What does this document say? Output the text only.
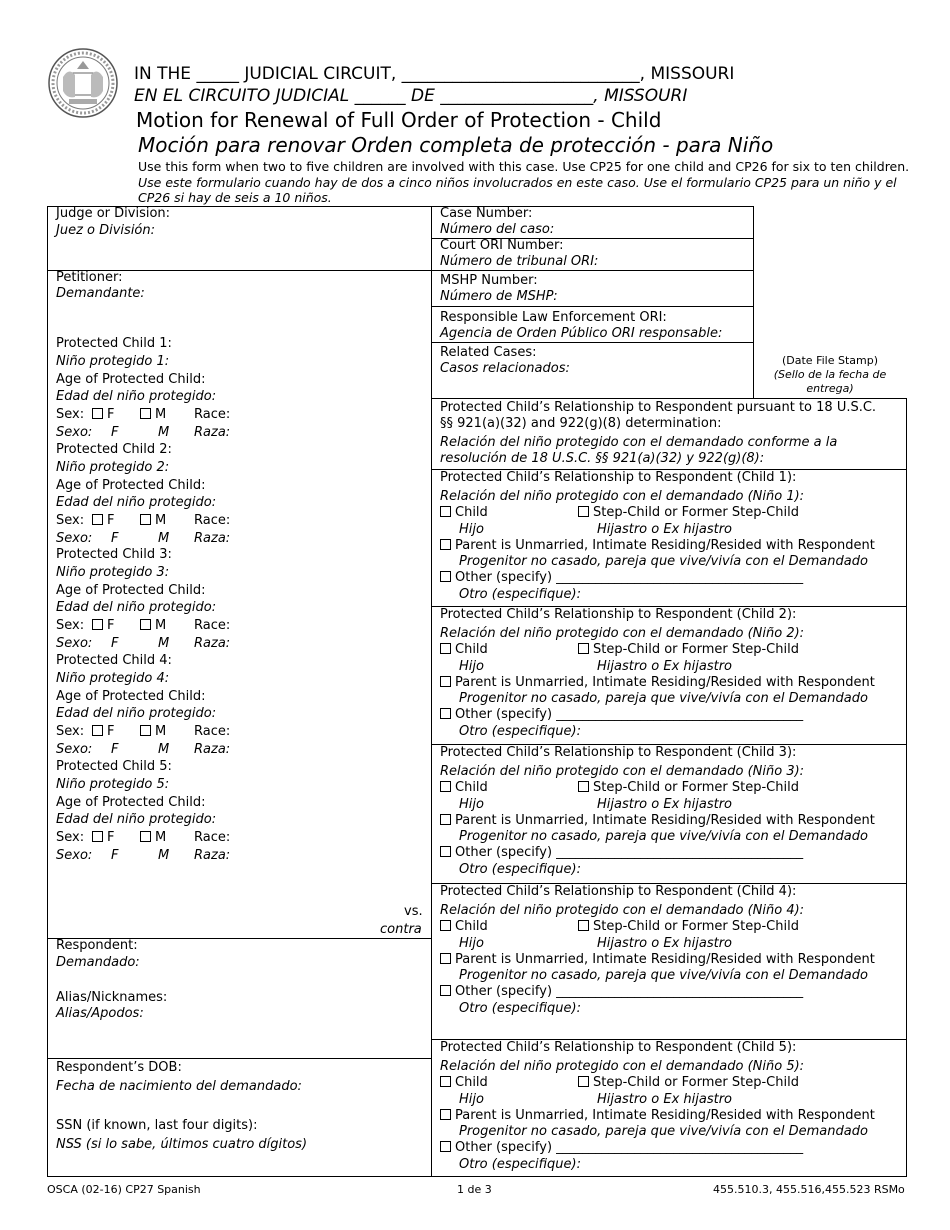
IN THE _____ JUDICIAL CIRCUIT, ____________________________, MISSOURI
EN EL CIRCUITO JUDICIAL ______ DE __________________, MISSOURI
Motion for Renewal of Full Order of Protection - Child
Moción para renovar Orden completa de protección - para Niño
Use this form when two to five children are involved with this case. Use CP25 for one child and CP26 for six to ten children.
Use este formulario cuando hay de dos a cinco niños involucrados en este caso. Use el formulario CP25 para un niño y el
CP26 si hay de seis a 10 niños.
Judge or Division:
Juez o División:
Petitioner:
Demandante:
Protected Child 1:
Niño protegido 1:
Age of Protected Child:
Edad del niño protegido:
Sex:	F	M Race:
Sexo: F	M Raza:
Protected Child 2:
Niño protegido 2:
Age of Protected Child:
Edad del niño protegido:
Sex:	F	M Race:
Sexo: F	M Raza:
Protected Child 3:
Niño protegido 3:
Age of Protected Child:
Edad del niño protegido:
Sex:	F	M Race:
Sexo: F	M Raza:
Protected Child 4:
Niño protegido 4:
Age of Protected Child:
Edad del niño protegido:
Sex:	F	M Race:
Sexo: F	M Raza:
Protected Child 5:
Niño protegido 5:
Age of Protected Child:
Edad del niño protegido:
Sex:	F	M Race:
Sexo: F	M Raza:
vs.
contra
Respondent:
Demandado:
Alias/Nicknames:
Alias/Apodos:
Respondent’s DOB:
Fecha de nacimiento del demandado:
SSN (if known, last four digits):
NSS (si lo sabe, últimos cuatro dígitos)
Case Number:
Número del caso:
Court ORI Number:
Número de tribunal ORI:
MSHP Number:
Número de MSHP:
Responsible Law Enforcement ORI:
Agencia de Orden Público ORI responsable:
Related Cases:
Casos relacionados:
(Date File Stamp)
(Sello de la fecha de
entrega)
Protected Child’s Relationship to Respondent pursuant to 18 U.S.C.
§§ 921(a)(32) and 922(g)(8) determination:
Relación del niño protegido con el demandado conforme a la
resolución de 18 U.S.C. §§ 921(a)(32) y 922(g)(8):
Protected Child’s Relationship to Respondent (Child 1):
Relación del niño protegido con el demandado (Niño 1):
Child	Step-Child or Former Step-Child
Hijo	Hijastro o Ex hijastro
Parent is Unmarried, Intimate Residing/Resided with Respondent
Progenitor no casado, pareja que vive/vivía con el Demandado
Other (specify) ______________________________________
Otro (especifique):
Protected Child’s Relationship to Respondent (Child 2):
Relación del niño protegido con el demandado (Niño 2):
Child	Step-Child or Former Step-Child
Hijo	Hijastro o Ex hijastro
Parent is Unmarried, Intimate Residing/Resided with Respondent
Progenitor no casado, pareja que vive/vivía con el Demandado
Other (specify) ______________________________________
Otro (especifique):
Protected Child’s Relationship to Respondent (Child 3):
Relación del niño protegido con el demandado (Niño 3):
Child	Step-Child or Former Step-Child
Hijo	Hijastro o Ex hijastro
Parent is Unmarried, Intimate Residing/Resided with Respondent
Progenitor no casado, pareja que vive/vivía con el Demandado
Other (specify) ______________________________________
Otro (especifique):
Protected Child’s Relationship to Respondent (Child 4):
Relación del niño protegido con el demandado (Niño 4):
Child	Step-Child or Former Step-Child
Hijo	Hijastro o Ex hijastro
Parent is Unmarried, Intimate Residing/Resided with Respondent
Progenitor no casado, pareja que vive/vivía con el Demandado
Other (specify) ______________________________________
Otro (especifique):
Protected Child’s Relationship to Respondent (Child 5):
Relación del niño protegido con el demandado (Niño 5):
Child	Step-Child or Former Step-Child
Hijo	Hijastro o Ex hijastro
Parent is Unmarried, Intimate Residing/Resided with Respondent
Progenitor no casado, pareja que vive/vivía con el Demandado
Other (specify) ______________________________________
Otro (especifique):
OSCA (02-16) CP27 Spanish	1 de 3	455.510.3, 455.516,455.523 RSMo
